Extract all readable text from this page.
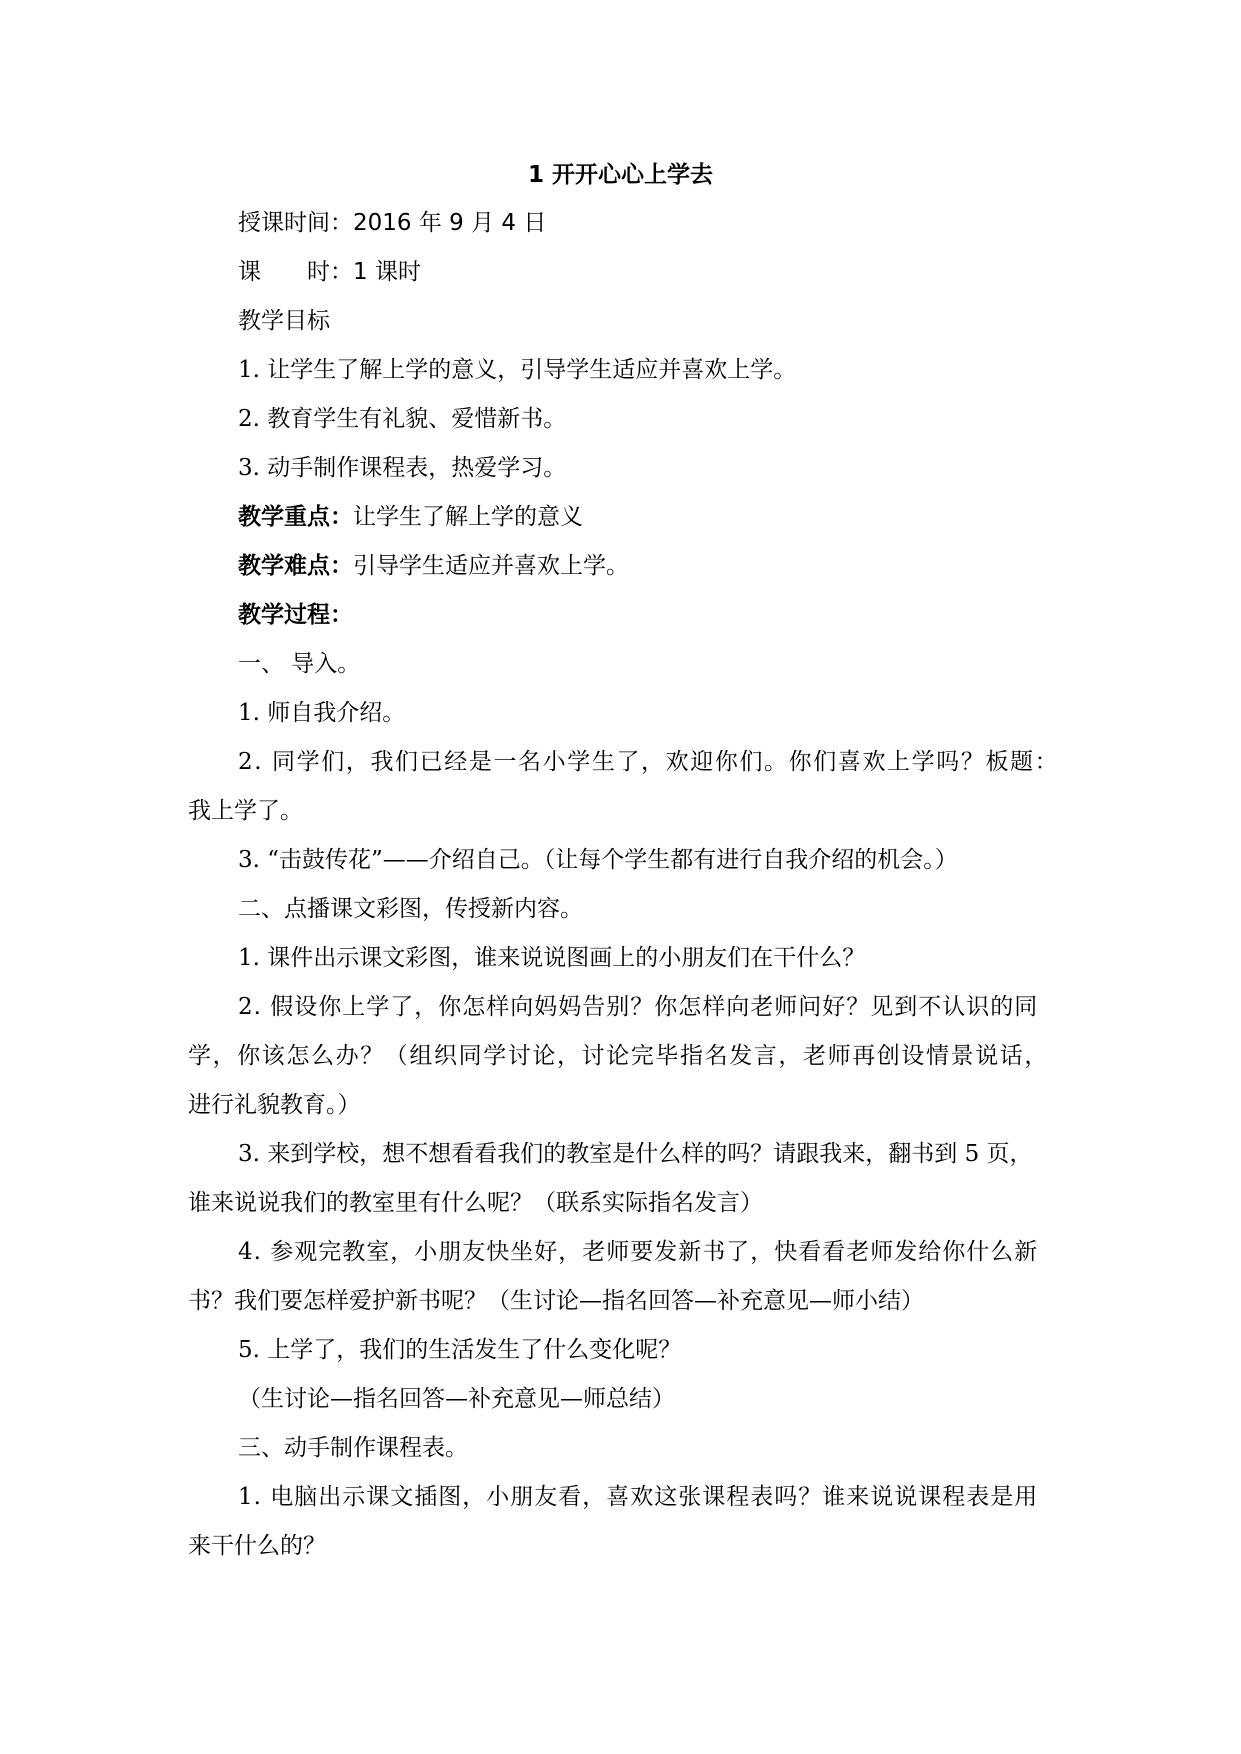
1 开开心心上学去
授课时间：2016 年 9 月 4 日
课　　时：1 课时
教学目标
1. 让学生了解上学的意义，引导学生适应并喜欢上学。
2. 教育学生有礼貌、爱惜新书。
3. 动手制作课程表，热爱学习。
教学重点：让学生了解上学的意义
教学难点：引导学生适应并喜欢上学。
教学过程：
一、 导入。
1. 师自我介绍。
2. 同学们，我们已经是一名小学生了，欢迎你们。你们喜欢上学吗？板题：
我上学了。
3. “击鼓传花”——介绍自己。（让每个学生都有进行自我介绍的机会。）
二、点播课文彩图，传授新内容。
1. 课件出示课文彩图，谁来说说图画上的小朋友们在干什么？
2. 假设你上学了，你怎样向妈妈告别？你怎样向老师问好？见到不认识的同
学，你该怎么办？（组织同学讨论，讨论完毕指名发言，老师再创设情景说话，
进行礼貌教育。）
3. 来到学校，想不想看看我们的教室是什么样的吗？请跟我来，翻书到 5 页，
谁来说说我们的教室里有什么呢？（联系实际指名发言）
4. 参观完教室，小朋友快坐好，老师要发新书了，快看看老师发给你什么新
书？我们要怎样爱护新书呢？（生讨论—指名回答—补充意见—师小结）
5. 上学了，我们的生活发生了什么变化呢？
（生讨论—指名回答—补充意见—师总结）
三、动手制作课程表。
1. 电脑出示课文插图，小朋友看，喜欢这张课程表吗？谁来说说课程表是用
来干什么的？
